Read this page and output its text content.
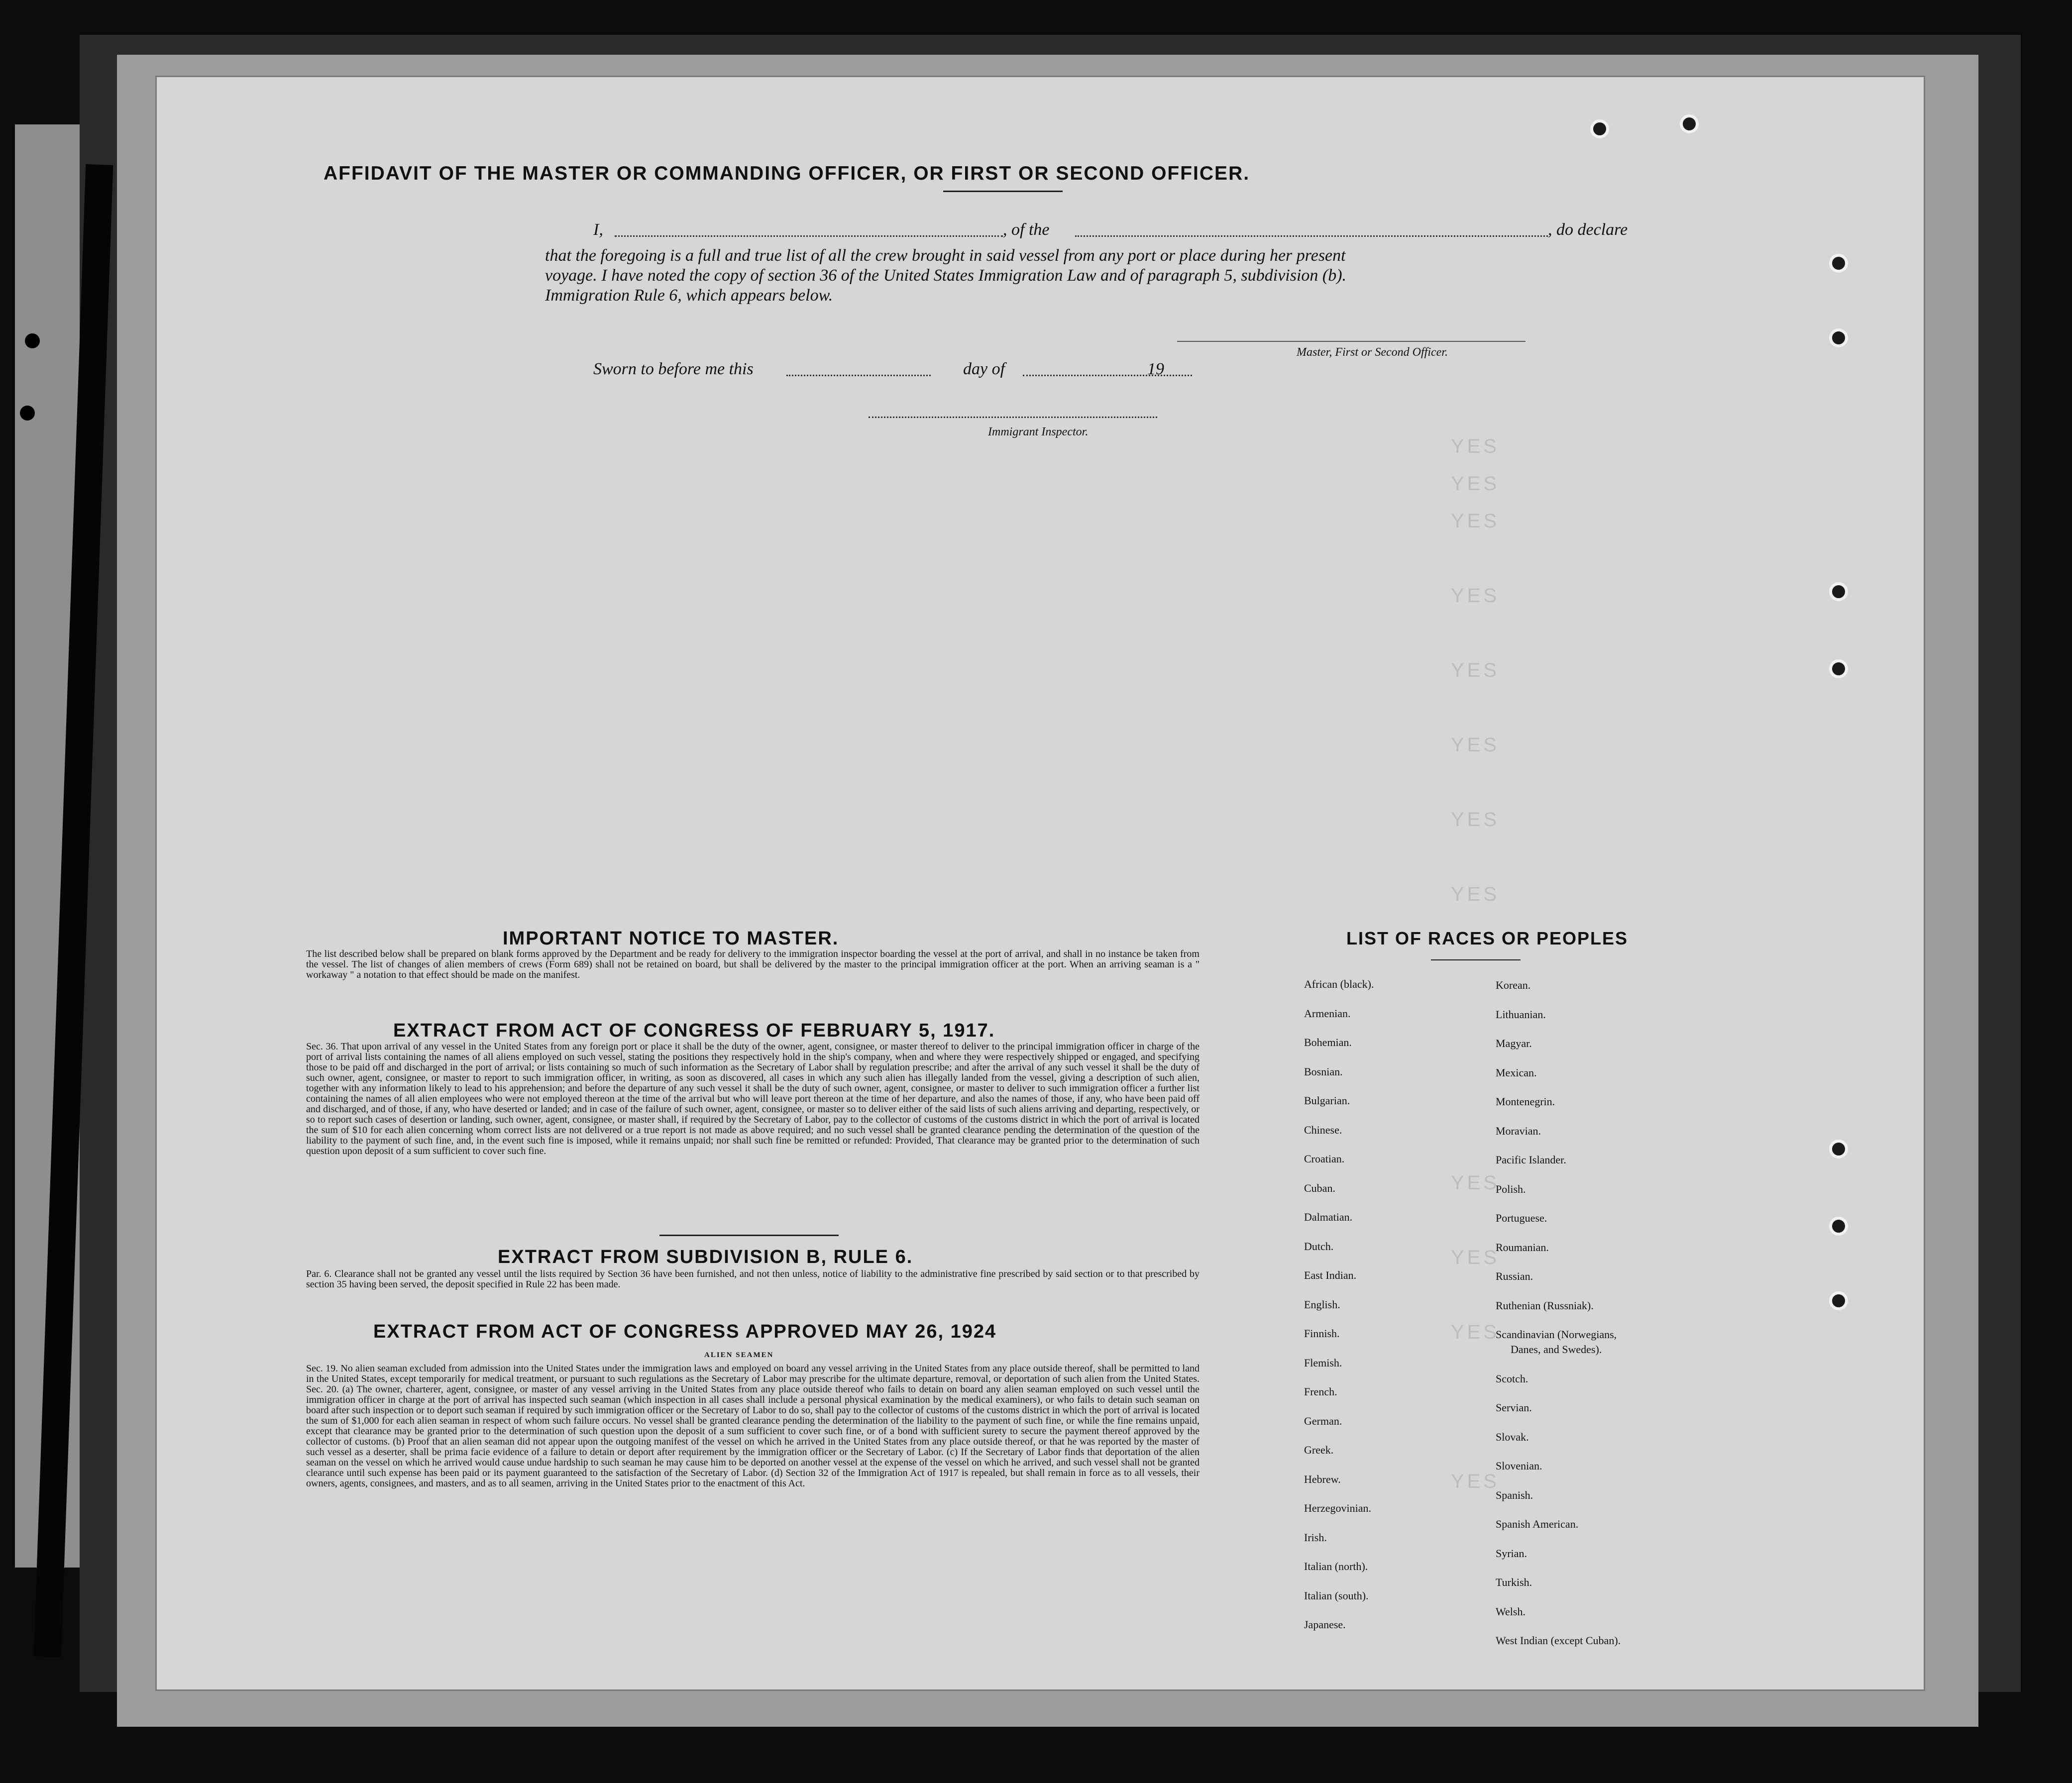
YES
YES
YES
YES
YES
YES
YES
YES
YES
YES
YES
YES
AFFIDAVIT OF THE MASTER OR COMMANDING OFFICER, OR FIRST OR SECOND OFFICER.
I,	, of the	, do declare
that the foregoing is a full and true list of all the crew brought in said vessel from any port or place during her present
voyage. I have noted the copy of section 36 of the United States Immigration Law and of paragraph 5, subdivision (b).
Immigration Rule 6, which appears below.
Master, First or Second Officer.
Sworn to before me this	day of	19
Immigrant Inspector.
IMPORTANT NOTICE TO MASTER.
The list described below shall be prepared on blank forms approved by the Department and be ready for delivery to the immigration inspector boarding the vessel at the port of arrival, and shall in no instance be taken from the vessel. The list of changes of alien members of crews (Form 689) shall not be retained on board, but shall be delivered by the master to the principal immigration officer at the port. When an arriving seaman is a " workaway " a notation to that effect should be made on the manifest.
EXTRACT FROM ACT OF CONGRESS OF FEBRUARY 5, 1917.
Sec. 36. That upon arrival of any vessel in the United States from any foreign port or place it shall be the duty of the owner, agent, consignee, or master thereof to deliver to the principal immigration officer in charge of the port of arrival lists containing the names of all aliens employed on such vessel, stating the positions they respectively hold in the ship's company, when and where they were respectively shipped or engaged, and specifying those to be paid off and discharged in the port of arrival; or lists containing so much of such information as the Secretary of Labor shall by regulation prescribe; and after the arrival of any such vessel it shall be the duty of such owner, agent, consignee, or master to report to such immigration officer, in writing, as soon as discovered, all cases in which any such alien has illegally landed from the vessel, giving a description of such alien, together with any information likely to lead to his apprehension; and before the departure of any such vessel it shall be the duty of such owner, agent, consignee, or master to deliver to such immigration officer a further list containing the names of all alien employees who were not employed thereon at the time of the arrival but who will leave port thereon at the time of her departure, and also the names of those, if any, who have been paid off and discharged, and of those, if any, who have deserted or landed; and in case of the failure of such owner, agent, consignee, or master so to deliver either of the said lists of such aliens arriving and departing, respectively, or so to report such cases of desertion or landing, such owner, agent, consignee, or master shall, if required by the Secretary of Labor, pay to the collector of customs of the customs district in which the port of arrival is located the sum of $10 for each alien concerning whom correct lists are not delivered or a true report is not made as above required; and no such vessel shall be granted clearance pending the determination of the question of the liability to the payment of such fine, and, in the event such fine is imposed, while it remains unpaid; nor shall such fine be remitted or refunded: Provided, That clearance may be granted prior to the determination of such question upon deposit of a sum sufficient to cover such fine.
EXTRACT FROM SUBDIVISION B, RULE 6.
Par. 6. Clearance shall not be granted any vessel until the lists required by Section 36 have been furnished, and not then unless, notice of liability to the administrative fine prescribed by said section or to that prescribed by section 35 having been served, the deposit specified in Rule 22 has been made.
EXTRACT FROM ACT OF CONGRESS APPROVED MAY 26, 1924
ALIEN SEAMEN
Sec. 19. No alien seaman excluded from admission into the United States under the immigration laws and employed on board any vessel arriving in the United States from any place outside thereof, shall be permitted to land in the United States, except temporarily for medical treatment, or pursuant to such regulations as the Secretary of Labor may prescribe for the ultimate departure, removal, or deportation of such alien from the United States. Sec. 20. (a) The owner, charterer, agent, consignee, or master of any vessel arriving in the United States from any place outside thereof who fails to detain on board any alien seaman employed on such vessel until the immigration officer in charge at the port of arrival has inspected such seaman (which inspection in all cases shall include a personal physical examination by the medical examiners), or who fails to detain such seaman on board after such inspection or to deport such seaman if required by such immigration officer or the Secretary of Labor to do so, shall pay to the collector of customs of the customs district in which the port of arrival is located the sum of $1,000 for each alien seaman in respect of whom such failure occurs. No vessel shall be granted clearance pending the determination of the liability to the payment of such fine, or while the fine remains unpaid, except that clearance may be granted prior to the determination of such question upon the deposit of a sum sufficient to cover such fine, or of a bond with sufficient surety to secure the payment thereof approved by the collector of customs. (b) Proof that an alien seaman did not appear upon the outgoing manifest of the vessel on which he arrived in the United States from any place outside thereof, or that he was reported by the master of such vessel as a deserter, shall be prima facie evidence of a failure to detain or deport after requirement by the immigration officer or the Secretary of Labor. (c) If the Secretary of Labor finds that deportation of the alien seaman on the vessel on which he arrived would cause undue hardship to such seaman he may cause him to be deported on another vessel at the expense of the vessel on which he arrived, and such vessel shall not be granted clearance until such expense has been paid or its payment guaranteed to the satisfaction of the Secretary of Labor. (d) Section 32 of the Immigration Act of 1917 is repealed, but shall remain in force as to all vessels, their owners, agents, consignees, and masters, and as to all seamen, arriving in the United States prior to the enactment of this Act.
LIST OF RACES OR PEOPLES
African (black).
Armenian.
Bohemian.
Bosnian.
Bulgarian.
Chinese.
Croatian.
Cuban.
Dalmatian.
Dutch.
East Indian.
English.
Finnish.
Flemish.
French.
German.
Greek.
Hebrew.
Herzegovinian.
Irish.
Italian (north).
Italian (south).
Japanese.
Korean.
Lithuanian.
Magyar.
Mexican.
Montenegrin.
Moravian.
Pacific Islander.
Polish.
Portuguese.
Roumanian.
Russian.
Ruthenian (Russniak).
Scandinavian (Norwegians,
Danes, and Swedes).
Scotch.
Servian.
Slovak.
Slovenian.
Spanish.
Spanish American.
Syrian.
Turkish.
Welsh.
West Indian (except Cuban).
